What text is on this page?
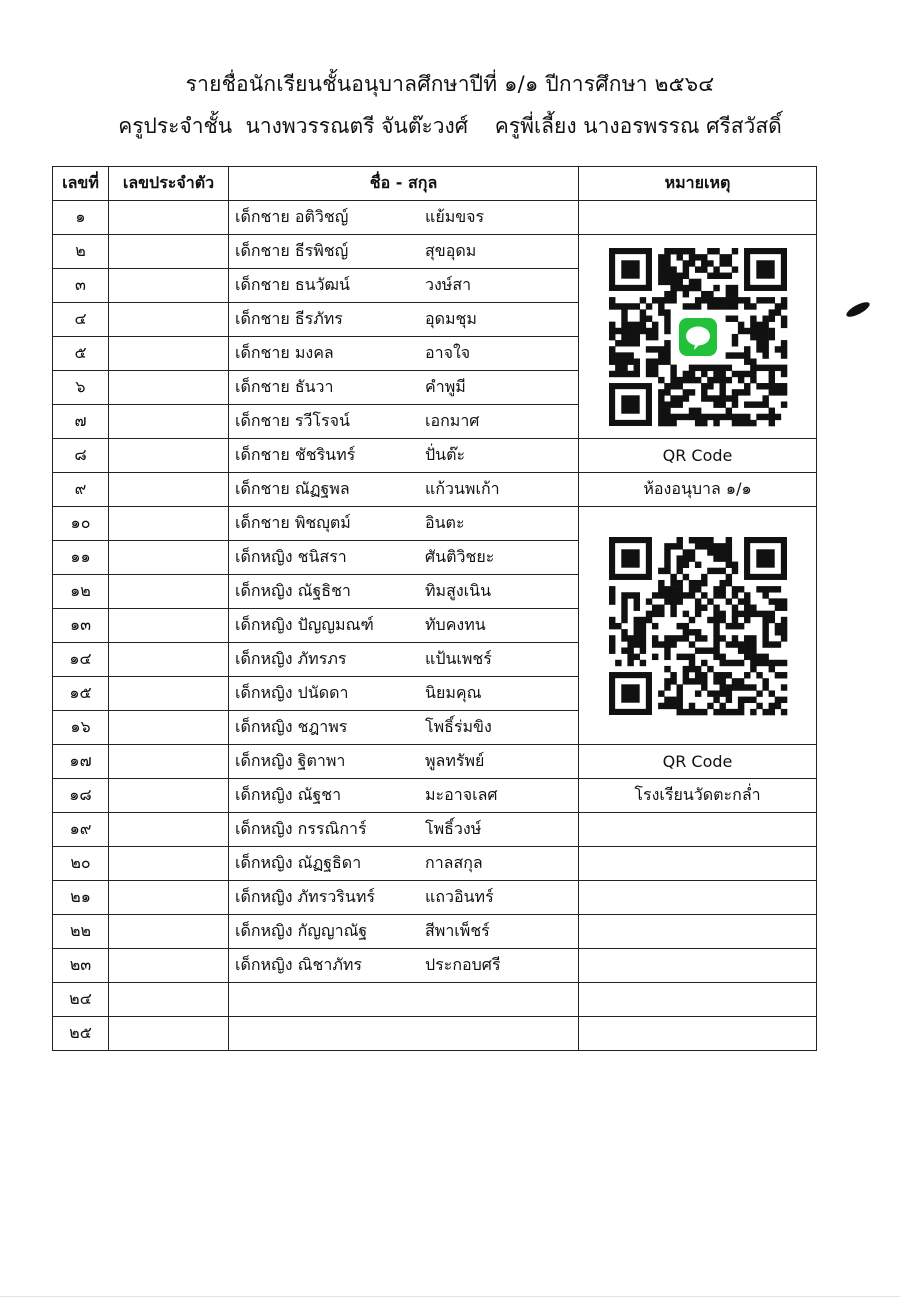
รายชื่อนักเรียนชั้นอนุบาลศึกษาปีที่ ๑/๑ ปีการศึกษา ๒๕๖๔
ครูประจำชั้น นางพวรรณตรี จันต๊ะวงศ์ ครูพี่เลี้ยง นางอรพรรณ ศรีสวัสดิ์
เลขที่	เลขประจำตัว	ชื่อ - สกุล	หมายเหตุ
๑		เด็กชาย อติวิชญ์ แย้มขจร	
๒		เด็กชาย ธีรพิชญ์ สุขอุดม	

๓		เด็กชาย ธนวัฒน์ วงษ์สา	
๔		เด็กชาย ธีรภัทร อุดมชุม	
๕		เด็กชาย มงคล อาจใจ	
๖		เด็กชาย ธันวา คำพูมี	
๗		เด็กชาย รวีโรจน์ เอกมาศ	
๘		เด็กชาย ชัชรินทร์ ปั่นต๊ะ	QR Code
๙		เด็กชาย ณัฏฐพล แก้วนพเก้า	ห้องอนุบาล ๑/๑
๑๐		เด็กชาย พิชญุตม์ อินตะ	

๑๑		เด็กหญิง ชนิสรา ศันติวิชยะ	
๑๒		เด็กหญิง ณัฐธิชา ทิมสูงเนิน	
๑๓		เด็กหญิง ปัญญมณฑ์ ทับคงทน	
๑๔		เด็กหญิง ภัทรภร แป้นเพชร์	
๑๕		เด็กหญิง ปนัดดา นิยมคุณ	
๑๖		เด็กหญิง ชฎาพร โพธิ์ร่มขิง	
๑๗		เด็กหญิง ฐิตาพา พูลทรัพย์	QR Code
๑๘		เด็กหญิง ณัฐชา มะอาจเลศ	โรงเรียนวัดตะกล่ำ
๑๙		เด็กหญิง กรรณิการ์ โพธิ์วงษ์	
๒๐		เด็กหญิง ณัฏฐธิดา กาลสกุล	
๒๑		เด็กหญิง ภัทรวรินทร์ แถวอินทร์	
๒๒		เด็กหญิง กัญญาณัฐ สีพาเพ็ชร์	
๒๓		เด็กหญิง ณิชาภัทร ประกอบศรี	
๒๔			
๒๕			
